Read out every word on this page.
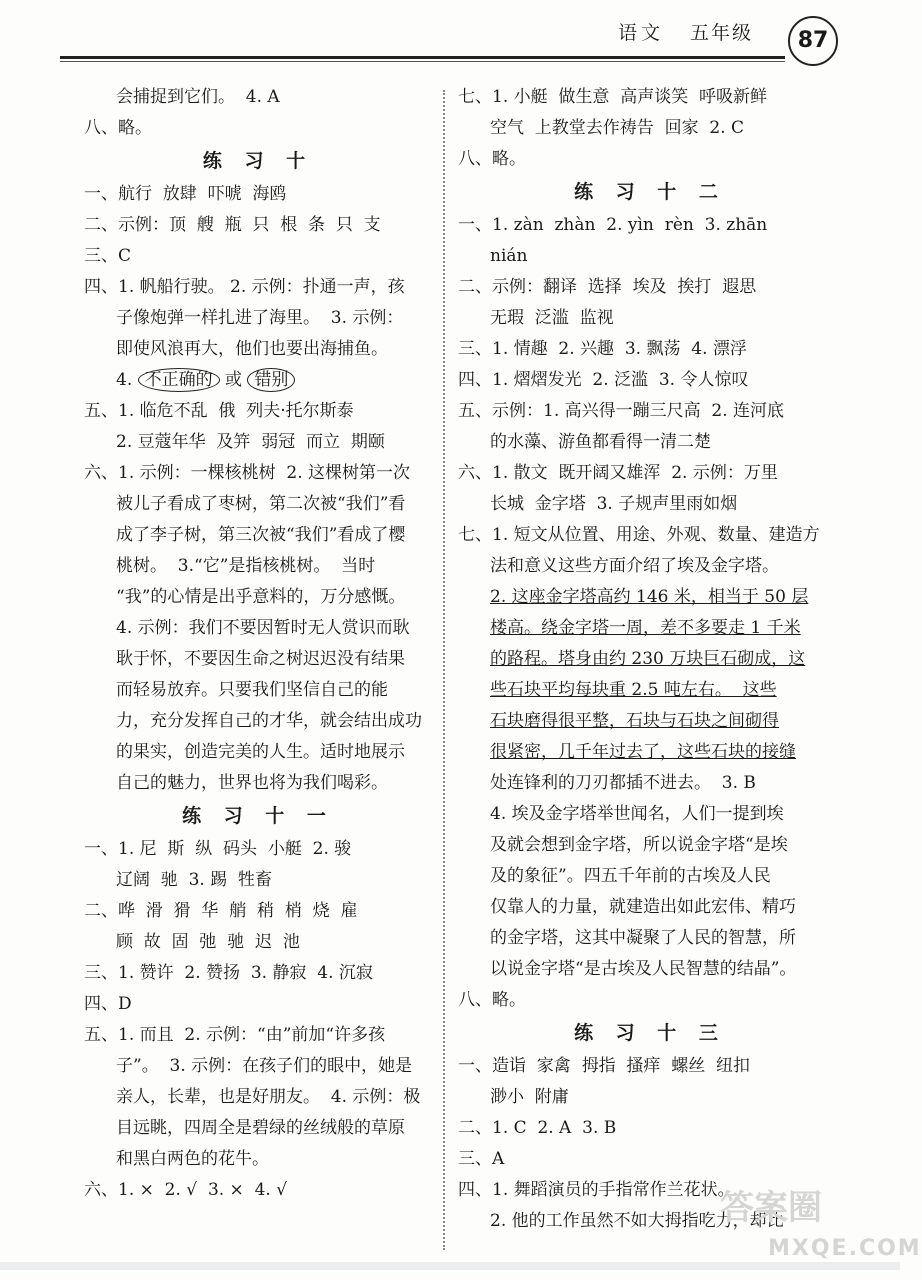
语文 五年级	87
会捕捉到它们。  4. A
八、略。
练 习 十
一、航行  放肆  吓唬  海鸥
二、示例：顶  艘  瓶  只  根  条  只  支
三、C
四、1. 帆船行驶。 2. 示例：扑通一声，孩
子像炮弹一样扎进了海里。  3. 示例：
即使风浪再大，他们也要出海捕鱼。
4. 不正确的 或 错别
五、1. 临危不乱  俄  列夫·托尔斯泰
2. 豆蔻年华  及笄  弱冠  而立  期颐
六、1. 示例：一棵核桃树  2. 这棵树第一次
被儿子看成了枣树，第二次被“我们”看
成了李子树，第三次被“我们”看成了樱
桃树。  3.“它”是指核桃树。  当时
“我”的心情是出乎意料的，万分感慨。
4. 示例：我们不要因暂时无人赏识而耿
耿于怀，不要因生命之树迟迟没有结果
而轻易放弃。只要我们坚信自己的能
力，充分发挥自己的才华，就会结出成功
的果实，创造完美的人生。适时地展示
自己的魅力，世界也将为我们喝彩。
练 习 十 一
一、1. 尼  斯  纵  码头  小艇  2. 骏
辽阔  驰  3. 踢  牲畜
二、哗  滑  猾  华  艄  稍  梢  烧  雇
顾  故  固  弛  驰  迟  池
三、1. 赞许  2. 赞扬  3. 静寂  4. 沉寂
四、D
五、1. 而且  2. 示例：“由”前加“许多孩
子”。  3. 示例：在孩子们的眼中，她是
亲人，长辈，也是好朋友。  4. 示例：极
目远眺，四周全是碧绿的丝绒般的草原
和黑白两色的花牛。
六、1. ×  2. √  3. ×  4. √
七、1. 小艇  做生意  高声谈笑  呼吸新鲜
空气  上教堂去作祷告  回家  2. C
八、略。
练 习 十 二
一、1. zàn  zhàn  2. yìn  rèn  3. zhān
nián
二、示例：翻译  选择  埃及  挨打  遐思
无瑕  泛滥  监视
三、1. 情趣  2. 兴趣  3. 飘荡  4. 漂浮
四、1. 熠熠发光  2. 泛滥  3. 令人惊叹
五、示例：1. 高兴得一蹦三尺高  2. 连河底
的水藻、游鱼都看得一清二楚
六、1. 散文  既开阔又雄浑  2. 示例：万里
长城  金字塔  3. 子规声里雨如烟
七、1. 短文从位置、用途、外观、数量、建造方
法和意义这些方面介绍了埃及金字塔。
2. 这座金字塔高约 146 米，相当于 50 层
楼高。绕金字塔一周，差不多要走 1 千米
的路程。塔身由约 230 万块巨石砌成，这
些石块平均每块重 2.5 吨左右。  这些
石块磨得很平整，石块与石块之间砌得
很紧密，几千年过去了，这些石块的接缝
处连锋利的刀刃都插不进去。  3. B
4. 埃及金字塔举世闻名，人们一提到埃
及就会想到金字塔，所以说金字塔“是埃
及的象征”。四五千年前的古埃及人民
仅靠人的力量，就建造出如此宏伟、精巧
的金字塔，这其中凝聚了人民的智慧，所
以说金字塔“是古埃及人民智慧的结晶”。
八、略。
练 习 十 三
一、造诣  家禽  拇指  搔痒  螺丝  纽扣
渺小  附庸
二、1. C  2. A  3. B
三、A
四、1. 舞蹈演员的手指常作兰花状。
2. 他的工作虽然不如大拇指吃力，却比
答案圈
MXQE.COM
